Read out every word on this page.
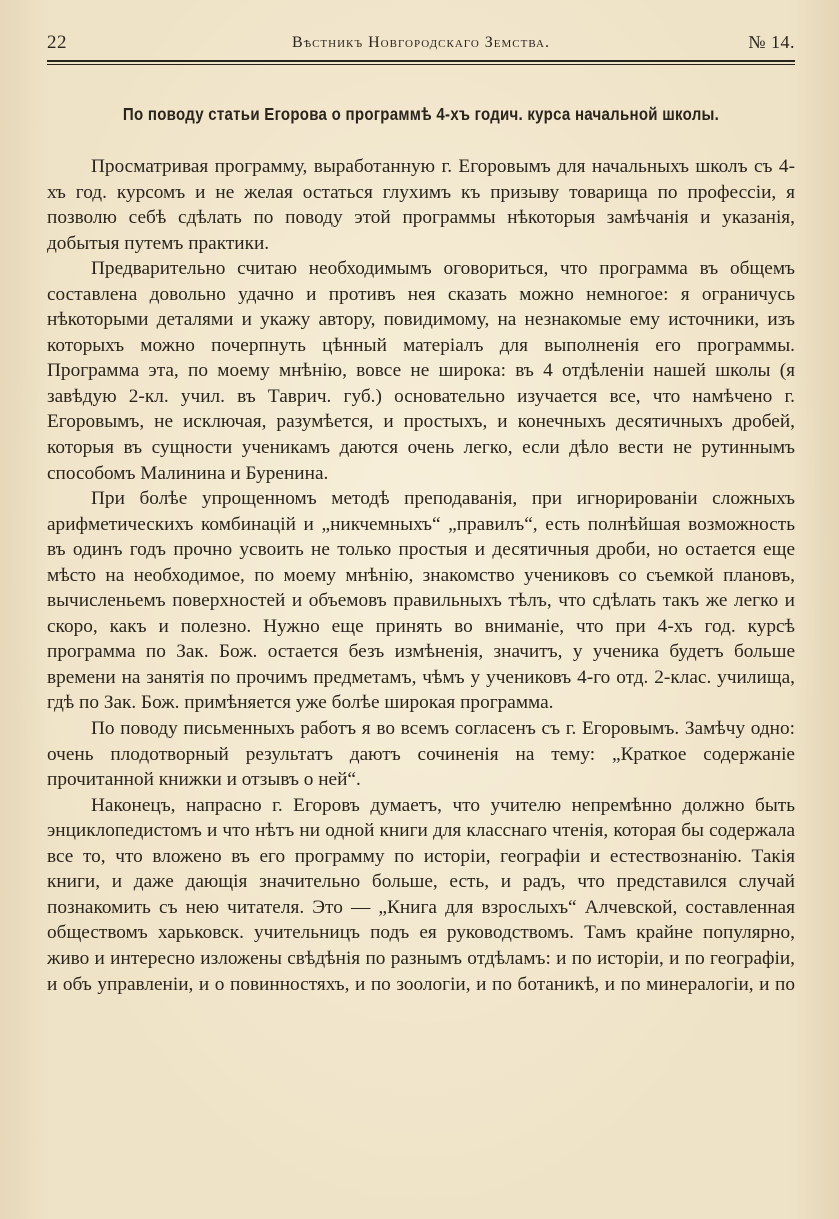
22	Вѣстникъ Новгородскаго Земства.	№ 14.
По поводу статьи Егорова о программѣ 4-хъ годич. курса начальной школы.

Просматривая программу, выработанную г. Егоровымъ для начальныхъ школъ съ 4-хъ год. курсомъ и не желая остаться глухимъ къ призыву товарища по профессiи, я позволю себѣ сдѣлать по поводу этой программы нѣкоторыя замѣчанія и указанія, добытыя путемъ практики.

Предварительно считаю необходимымъ оговориться, что программа въ общемъ составлена довольно удачно и противъ нея сказать можно немногое: я ограничусь нѣкоторыми деталями и укажу автору, повидимому, на незнакомые ему источники, изъ которыхъ можно почерпнуть цѣнный матеріалъ для выполненія его программы. Программа эта, по моему мнѣнію, вовсе не широка: въ 4 отдѣленіи нашей школы (я завѣдую 2-кл. учил. въ Таврич. губ.) основательно изучается все, что намѣчено г. Егоровымъ, не исключая, разумѣется, и простыхъ, и конечныхъ десятичныхъ дробей, которыя въ сущности ученикамъ даются очень легко, если дѣло вести не рутиннымъ способомъ Малинина и Буренина.

При болѣе упрощенномъ методѣ преподаванія, при игнорированіи сложныхъ арифметическихъ комбинацій и „никчемныхъ“ „правилъ“, есть полнѣйшая возможность въ одинъ годъ прочно усвоить не только простыя и десятичныя дроби, но остается еще мѣсто на необходимое, по моему мнѣнію, знакомство учениковъ со съемкой плановъ, вычисленьемъ поверхностей и объемовъ правильныхъ тѣлъ, что сдѣлать такъ же легко и скоро, какъ и полезно. Нужно еще принять во вниманіе, что при 4-хъ год. курсѣ программа по Зак. Бож. остается безъ измѣненія, значитъ, у ученика будетъ больше времени на занятія по прочимъ предметамъ, чѣмъ у учениковъ 4-го отд. 2-клас. училища, гдѣ по Зак. Бож. примѣняется уже болѣе широкая программа.

По поводу письменныхъ работъ я во всемъ согласенъ съ г. Егоровымъ. Замѣчу одно: очень плодотворный результатъ даютъ сочиненія на тему: „Краткое содержаніе прочитанной книжки и отзывъ о ней“.

Наконецъ, напрасно г. Егоровъ думаетъ, что учителю непремѣнно должно быть энциклопедистомъ и что нѣтъ ни одной книги для класснаго чтенія, которая бы содержала все то, что вложено въ его программу по исторіи, географіи и естествознанію. Такія книги, и даже дающія значительно больше, есть, и радъ, что представился случай познакомить съ нею читателя. Это — „Книга для взрослыхъ“ Алчевской, составленная обществомъ харьковск. учительницъ подъ ея руководствомъ. Тамъ крайне популярно, живо и интересно изложены свѣдѣнія по разнымъ отдѣламъ: и по исторіи, и по географіи, и объ управленіи, и о повинностяхъ, и по зоологіи, и по ботаникѣ, и по минералогіи, и по
